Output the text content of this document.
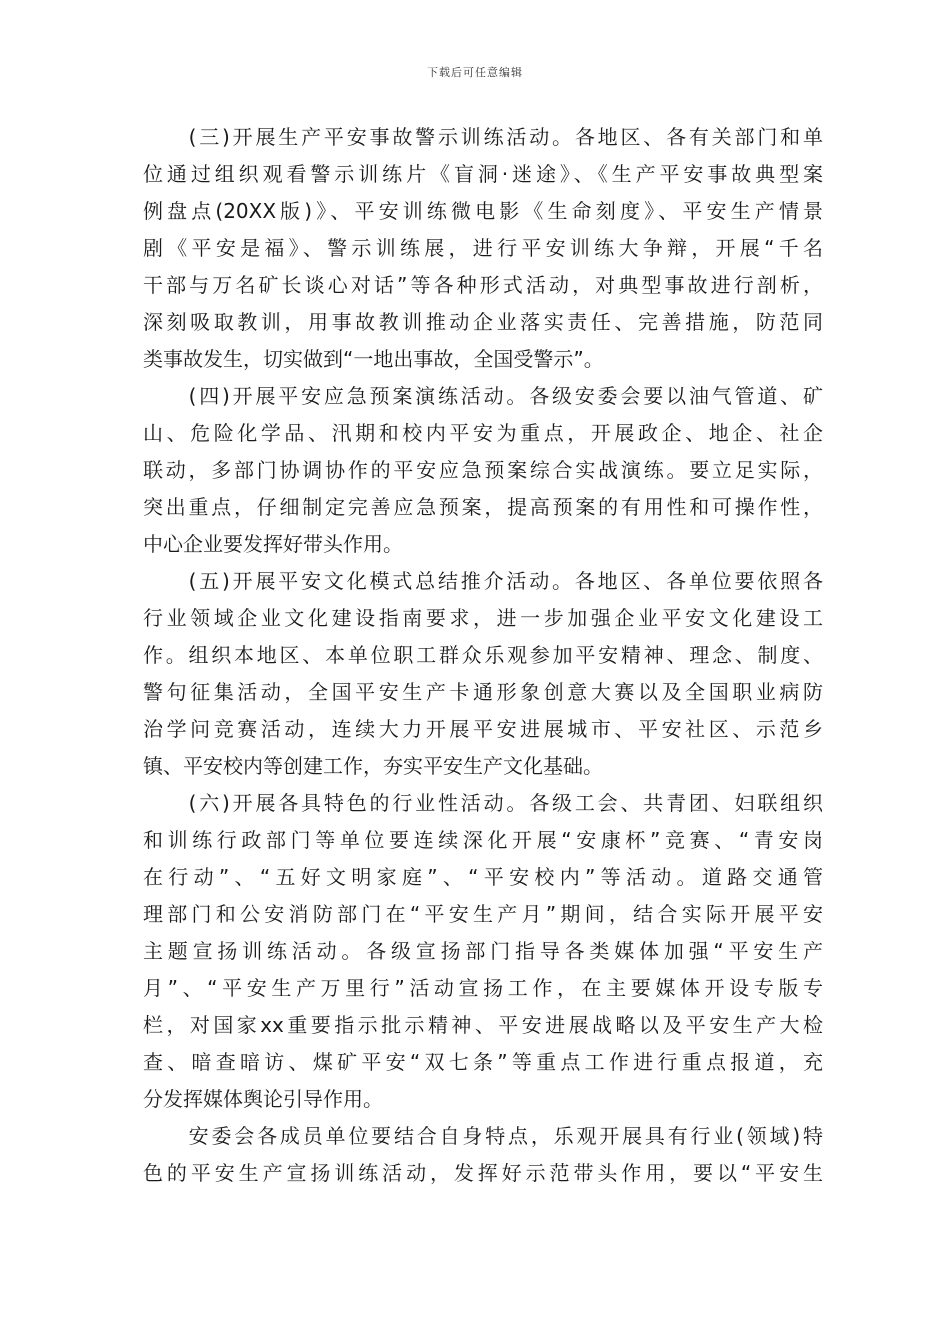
下载后可任意编辑
　　(三)开展生产平安事故警示训练活动。各地区、各有关部门和单
位通过组织观看警示训练片《盲洞·迷途》、《生产平安事故典型案
例盘点(20XX版)》、平安训练微电影《生命刻度》、平安生产情景
剧《平安是福》、警示训练展，进行平安训练大争辩，开展“千名
干部与万名矿长谈心对话”等各种形式活动，对典型事故进行剖析，
深刻吸取教训，用事故教训推动企业落实责任、完善措施，防范同
类事故发生，切实做到“一地出事故，全国受警示”。
　　(四)开展平安应急预案演练活动。各级安委会要以油气管道、矿
山、危险化学品、汛期和校内平安为重点，开展政企、地企、社企
联动，多部门协调协作的平安应急预案综合实战演练。要立足实际，
突出重点，仔细制定完善应急预案，提高预案的有用性和可操作性，
中心企业要发挥好带头作用。
　　(五)开展平安文化模式总结推介活动。各地区、各单位要依照各
行业领域企业文化建设指南要求，进一步加强企业平安文化建设工
作。组织本地区、本单位职工群众乐观参加平安精神、理念、制度、
警句征集活动，全国平安生产卡通形象创意大赛以及全国职业病防
治学问竞赛活动，连续大力开展平安进展城市、平安社区、示范乡
镇、平安校内等创建工作，夯实平安生产文化基础。
　　(六)开展各具特色的行业性活动。各级工会、共青团、妇联组织
和训练行政部门等单位要连续深化开展“安康杯”竞赛、“青安岗
在行动”、“五好文明家庭”、“平安校内”等活动。道路交通管
理部门和公安消防部门在“平安生产月”期间，结合实际开展平安
主题宣扬训练活动。各级宣扬部门指导各类媒体加强“平安生产
月”、“平安生产万里行”活动宣扬工作，在主要媒体开设专版专
栏，对国家xx重要指示批示精神、平安进展战略以及平安生产大检
查、暗查暗访、煤矿平安“双七条”等重点工作进行重点报道，充
分发挥媒体舆论引导作用。
　　安委会各成员单位要结合自身特点，乐观开展具有行业(领域)特
色的平安生产宣扬训练活动，发挥好示范带头作用，要以“平安生
